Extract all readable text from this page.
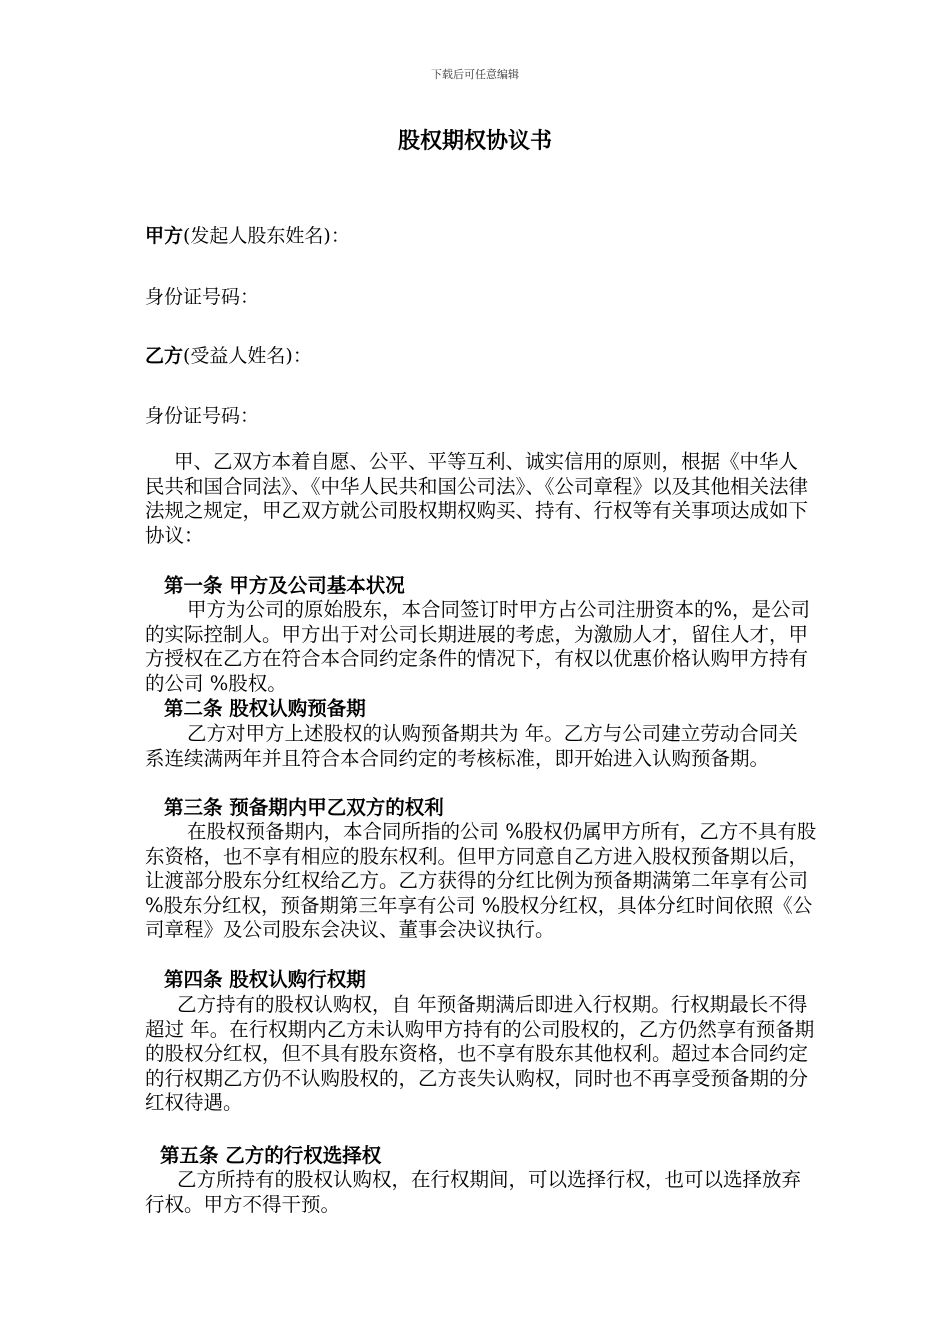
下载后可任意编辑
股权期权协议书
甲方(发起人股东姓名)：
身份证号码：
乙方(受益人姓名)：
身份证号码：
甲、乙双方本着自愿、公平、平等互利、诚实信用的原则，根据《中华人民共和国合同法》、《中华人民共和国公司法》、《公司章程》以及其他相关法律法规之规定，甲乙双方就公司股权期权购买、持有、行权等有关事项达成如下协议：
第一条 甲方及公司基本状况
甲方为公司的原始股东，本合同签订时甲方占公司注册资本的%，是公司的实际控制人。甲方出于对公司长期进展的考虑，为激励人才，留住人才，甲方授权在乙方在符合本合同约定条件的情况下，有权以优惠价格认购甲方持有的公司 %股权。
第二条 股权认购预备期
乙方对甲方上述股权的认购预备期共为 年。乙方与公司建立劳动合同关系连续满两年并且符合本合同约定的考核标准，即开始进入认购预备期。
第三条 预备期内甲乙双方的权利
在股权预备期内，本合同所指的公司 %股权仍属甲方所有，乙方不具有股东资格，也不享有相应的股东权利。但甲方同意自乙方进入股权预备期以后，让渡部分股东分红权给乙方。乙方获得的分红比例为预备期满第二年享有公司 %股东分红权，预备期第三年享有公司 %股权分红权，具体分红时间依照《公司章程》及公司股东会决议、董事会决议执行。
第四条 股权认购行权期
乙方持有的股权认购权，自 年预备期满后即进入行权期。行权期最长不得超过 年。在行权期内乙方未认购甲方持有的公司股权的，乙方仍然享有预备期的股权分红权，但不具有股东资格，也不享有股东其他权利。超过本合同约定的行权期乙方仍不认购股权的，乙方丧失认购权，同时也不再享受预备期的分红权待遇。
第五条 乙方的行权选择权
乙方所持有的股权认购权，在行权期间，可以选择行权，也可以选择放弃行权。甲方不得干预。
